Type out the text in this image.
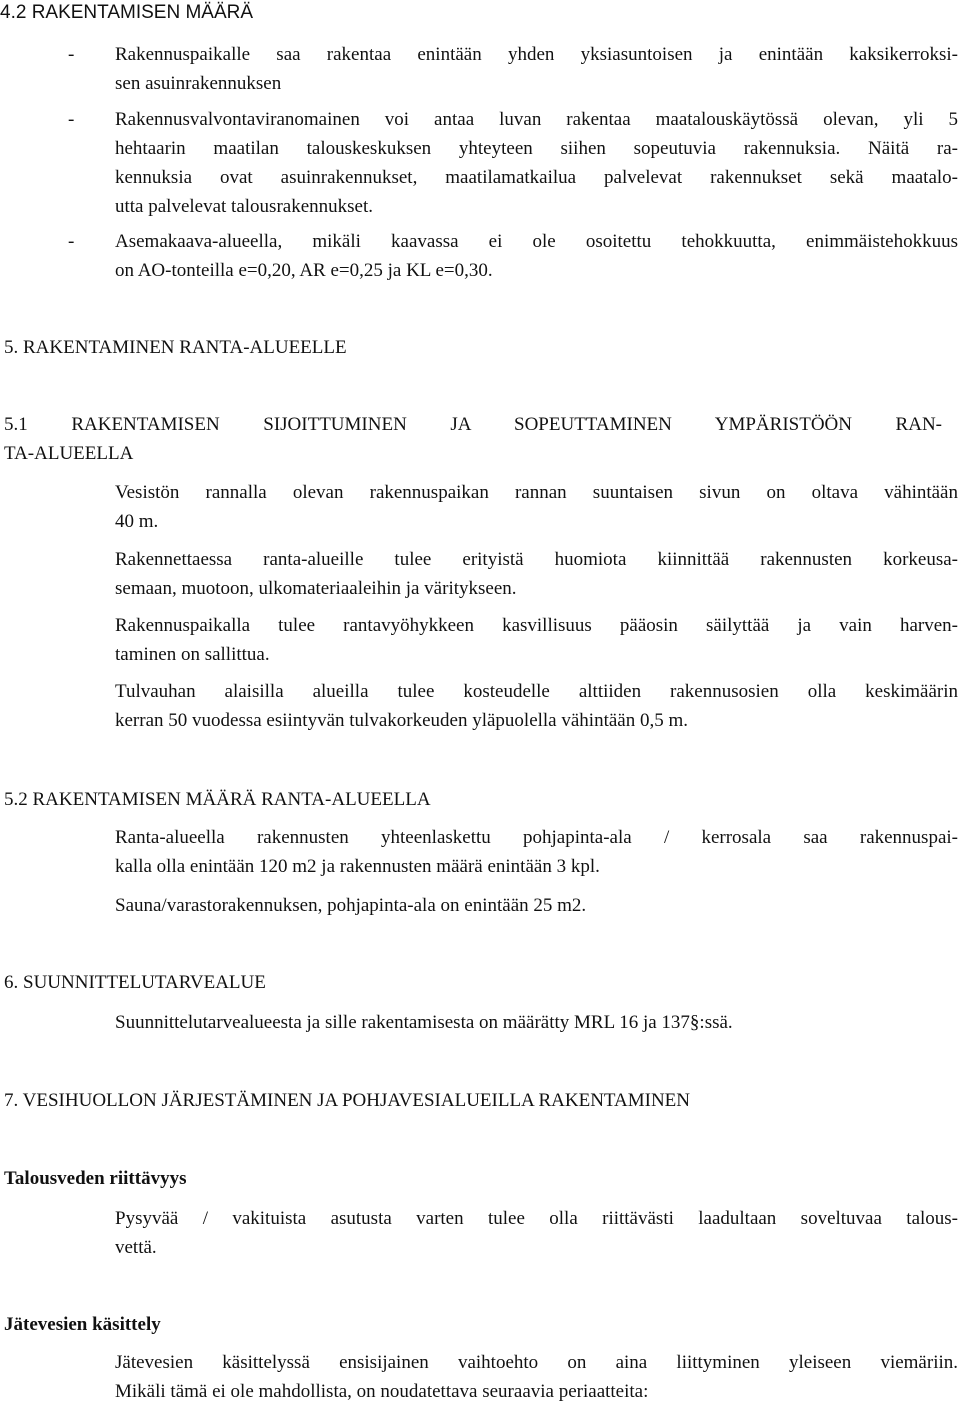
4.2 RAKENTAMISEN MÄÄRÄ
- Rakennuspaikalle saa rakentaa enintään yhden yksiasuntoisen ja enintään kaksikerroksi-
sen asuinrakennuksen

- Rakennusvalvontaviranomainen voi antaa luvan rakentaa maatalouskäytössä olevan, yli 5
hehtaarin maatilan talouskeskuksen yhteyteen siihen sopeutuvia rakennuksia. Näitä ra-
kennuksia ovat asuinrakennukset, maatilamatkailua palvelevat rakennukset sekä maatalo-
utta palvelevat talousrakennukset.

- Asemakaava-alueella, mikäli kaavassa ei ole osoitettu tehokkuutta, enimmäistehokkuus
on AO-tonteilla e=0,20, AR e=0,25 ja KL e=0,30.

5. RAKENTAMINEN RANTA-ALUEELLE
5.1 RAKENTAMISEN SIJOITTUMINEN JA SOPEUTTAMINEN YMPÄRISTÖÖN RAN-
TA-ALUEELLA

Vesistön rannalla olevan rakennuspaikan rannan suuntaisen sivun on oltava vähintään
40 m.

Rakennettaessa ranta-alueille tulee erityistä huomiota kiinnittää rakennusten korkeusa-
semaan, muotoon, ulkomateriaaleihin ja väritykseen.

Rakennuspaikalla tulee rantavyöhykkeen kasvillisuus pääosin säilyttää ja vain harven-
taminen on sallittua.

Tulvauhan alaisilla alueilla tulee kosteudelle alttiiden rakennusosien olla keskimäärin
kerran 50 vuodessa esiintyvän tulvakorkeuden yläpuolella vähintään 0,5 m.

5.2 RAKENTAMISEN MÄÄRÄ RANTA-ALUEELLA

Ranta-alueella rakennusten yhteenlaskettu pohjapinta-ala / kerrosala saa rakennuspai-
kalla olla enintään 120 m2 ja rakennusten määrä enintään 3 kpl.

Sauna/varastorakennuksen, pohjapinta-ala on enintään 25 m2.

6. SUUNNITTELUTARVEALUE

Suunnittelutarvealueesta ja sille rakentamisesta on määrätty MRL 16 ja 137§:ssä.

7. VESIHUOLLON JÄRJESTÄMINEN JA POHJAVESIALUEILLA RAKENTAMINEN
Talousveden riittävyys

Pysyvää / vakituista asutusta varten tulee olla riittävästi laadultaan soveltuvaa talous-
vettä.

Jätevesien käsittely

Jätevesien käsittelyssä ensisijainen vaihtoehto on aina liittyminen yleiseen viemäriin.
Mikäli tämä ei ole mahdollista, on noudatettava seuraavia periaatteita:
